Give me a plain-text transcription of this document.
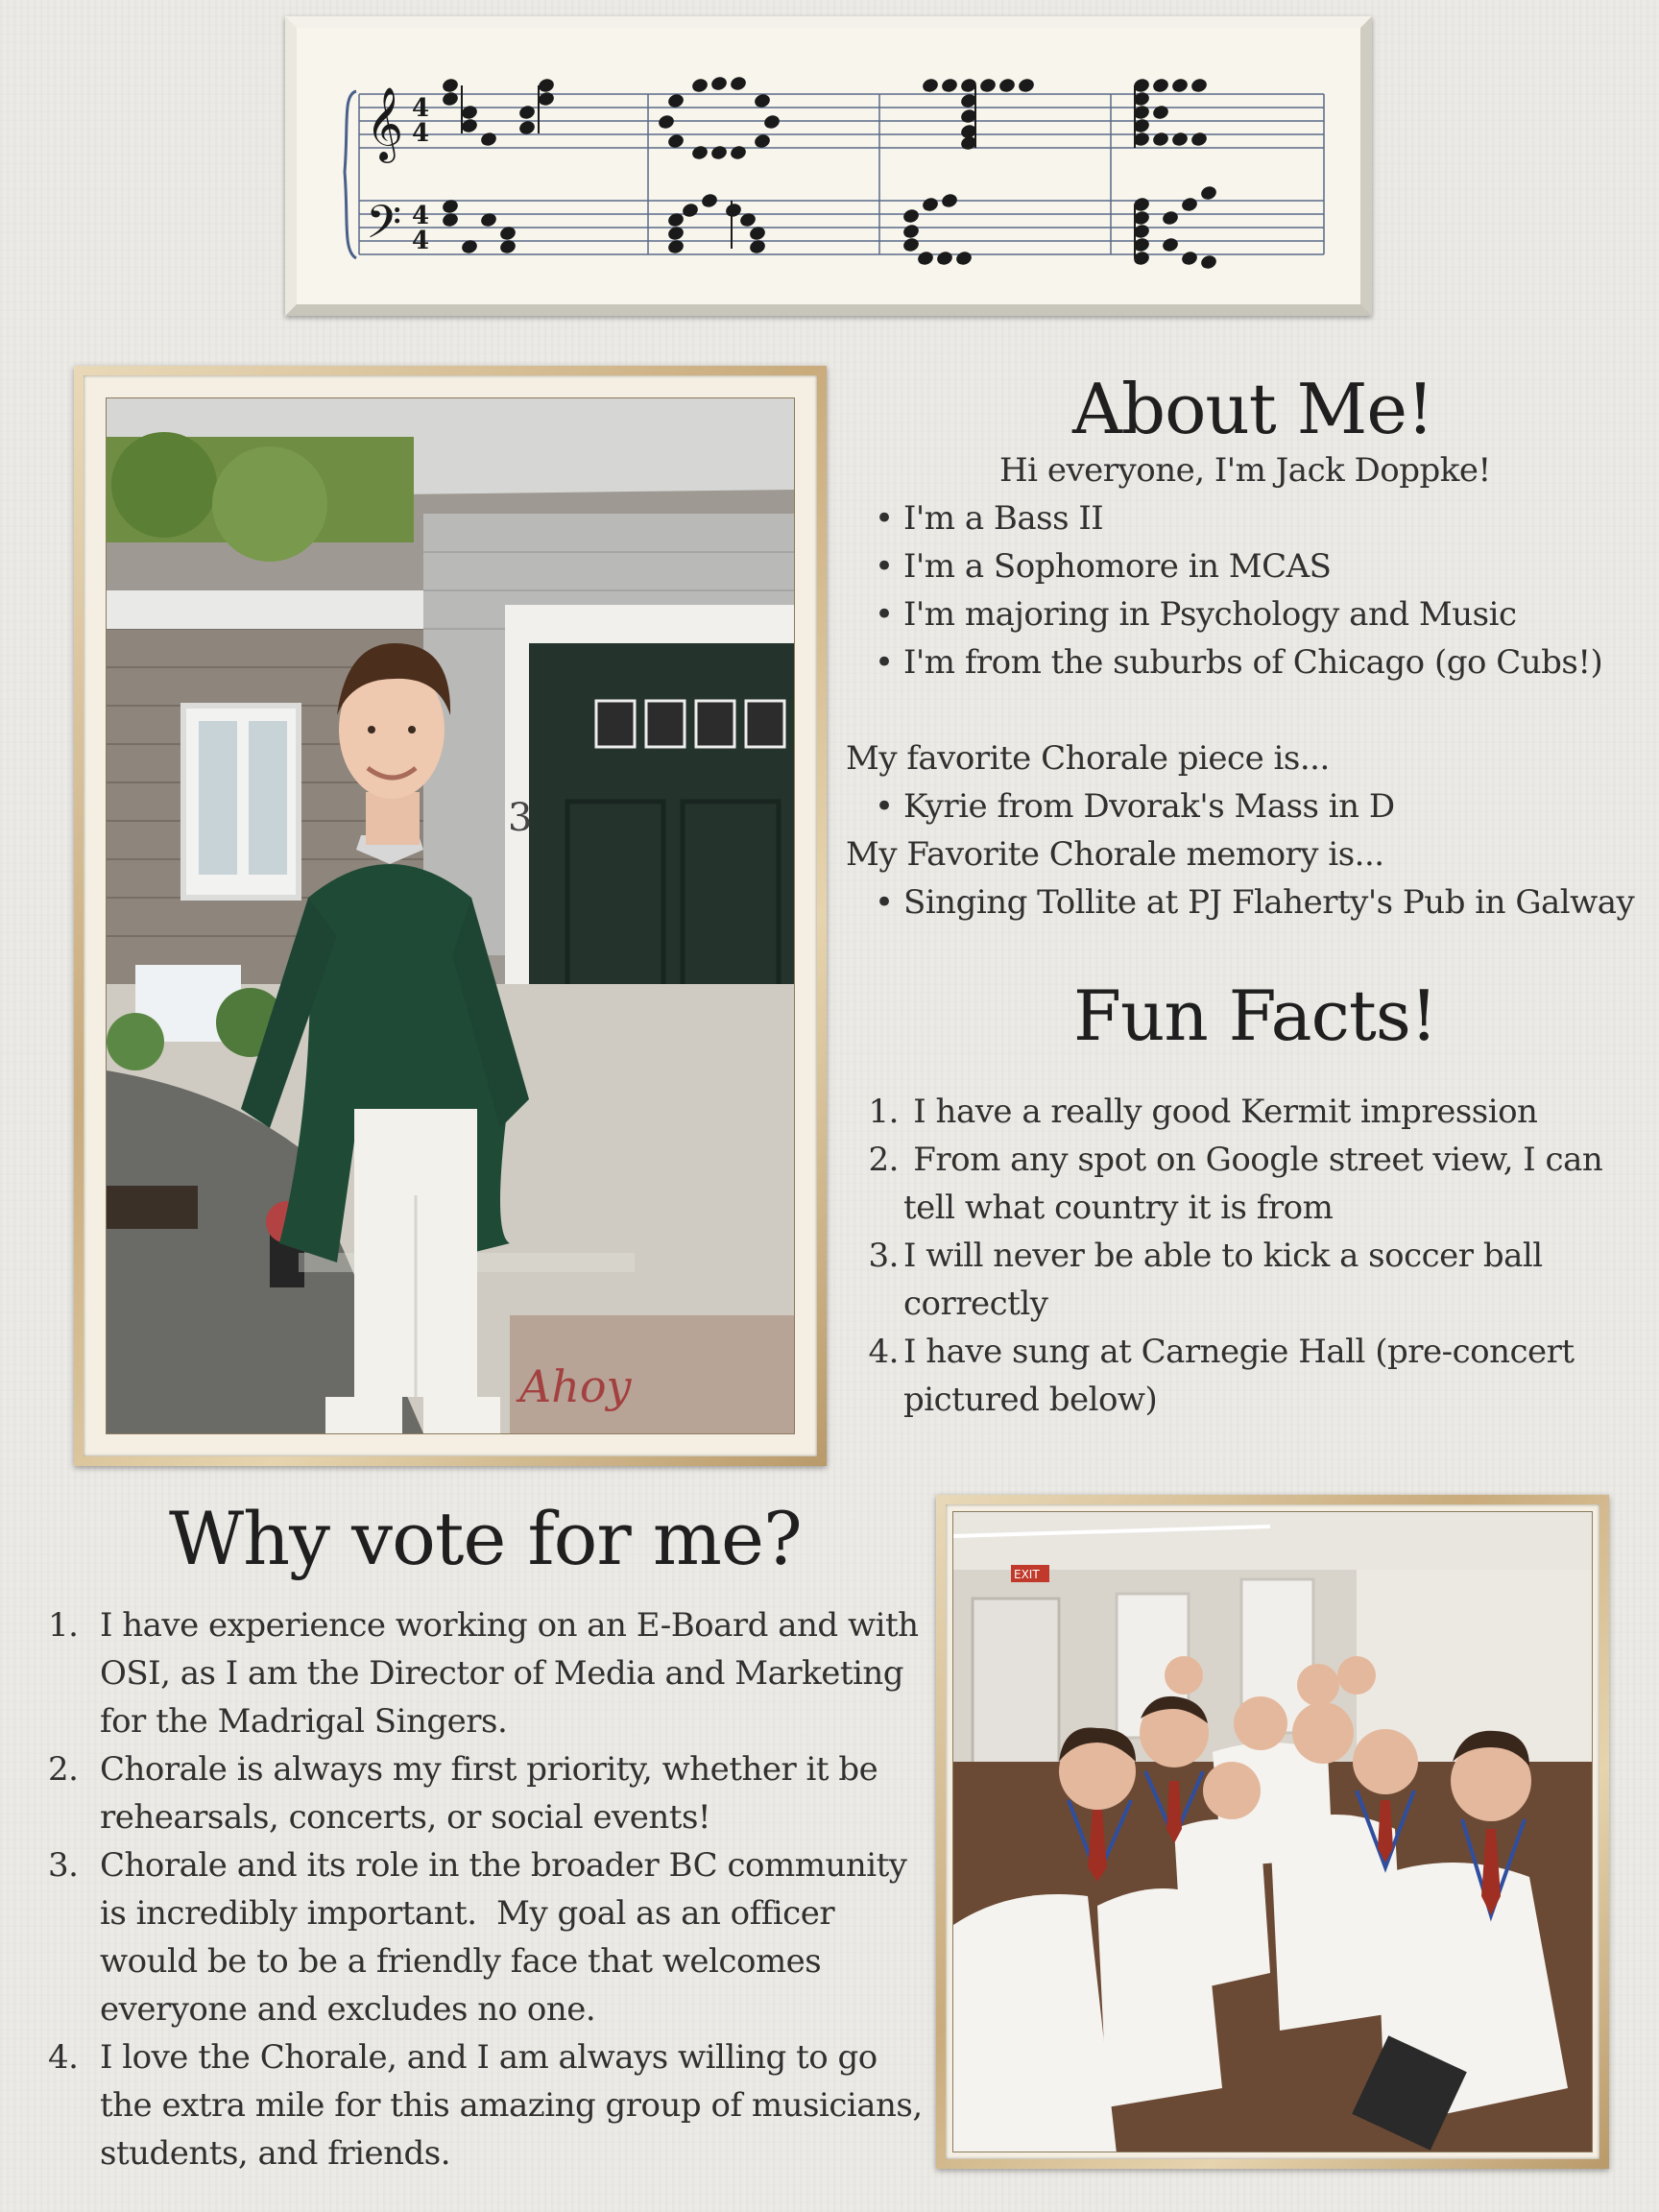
𝄞
𝄢
4
4
4
4
3
Ahoy
About Me!
Hi everyone, I'm Jack Doppke!
• I'm a Bass II
• I'm a Sophomore in MCAS
• I'm majoring in Psychology and Music
• I'm from the suburbs of Chicago (go Cubs!)
My favorite Chorale piece is...
• Kyrie from Dvorak's Mass in D
My Favorite Chorale memory is...
• Singing Tollite at PJ Flaherty's Pub in Galway
Fun Facts!
1. I have a really good Kermit impression
2. From any spot on Google street view, I can
tell what country it is from
3. I will never be able to kick a soccer ball
correctly
4. I have sung at Carnegie Hall (pre-concert
pictured below)
Why vote for me?
1. I have experience working on an E-Board and with
OSI, as I am the Director of Media and Marketing
for the Madrigal Singers.
2. Chorale is always my first priority, whether it be
rehearsals, concerts, or social events!
3. Chorale and its role in the broader BC community
is incredibly important.  My goal as an officer
would be to be a friendly face that welcomes
everyone and excludes no one.
4. I love the Chorale, and I am always willing to go
the extra mile for this amazing group of musicians,
students, and friends.
EXIT
